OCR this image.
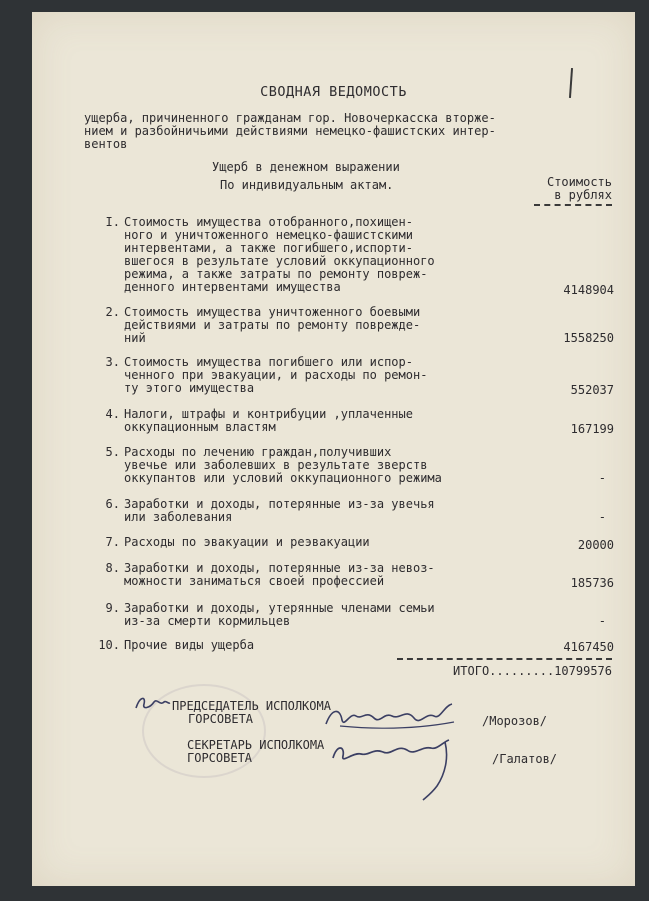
СВОДНАЯ ВЕДОМОСТЬ

ущерба, причиненного гражданам гор. Новочеркасска вторже-
нием и разбойничьими действиями немецко-фашистских интер-
вентов

Ущерб в денежном выражении
По индивидуальным актам.	Стоимость
в рублях
I. Стоимость имущества отобранного,похищен-
ного и уничтоженного немецко-фашистскими
интервентами, а также погибшего,испорти-
вшегося в результате условий оккупационного
режима, а также затраты по ремонту повреж-
денного интервентами имущества	4148904
2. Стоимость имущества уничтоженного боевыми
действиями и затраты по ремонту поврежде-
ний	1558250
3. Стоимость имущества погибшего или испор-
ченного при эвакуации, и расходы по ремон-
ту этого имущества	552037
4. Налоги, штрафы и контрибуции ,уплаченные
оккупационным властям	167199
5. Расходы по лечению граждан,получивших
увечье или заболевших в результате зверств
оккупантов или условий оккупационного режима	-
6. Заработки и доходы, потерянные из-за увечья
или заболевания	-
7. Расходы по эвакуации и реэвакуации	20000
8. Заработки и доходы, потерянные из-за невоз-
можности заниматься своей профессией	185736
9. Заработки и доходы, утерянные членами семьи
из-за смерти кормильцев	-
10. Прочие виды ущерба	4167450
ИТОГО.........10799576
ПРЕДСЕДАТЕЛЬ ИСПОЛКОМА
ГОРСОВЕТА	/Морозов/
СЕКРЕТАРЬ ИСПОЛКОМА
ГОРСОВЕТА	/Галатов/
